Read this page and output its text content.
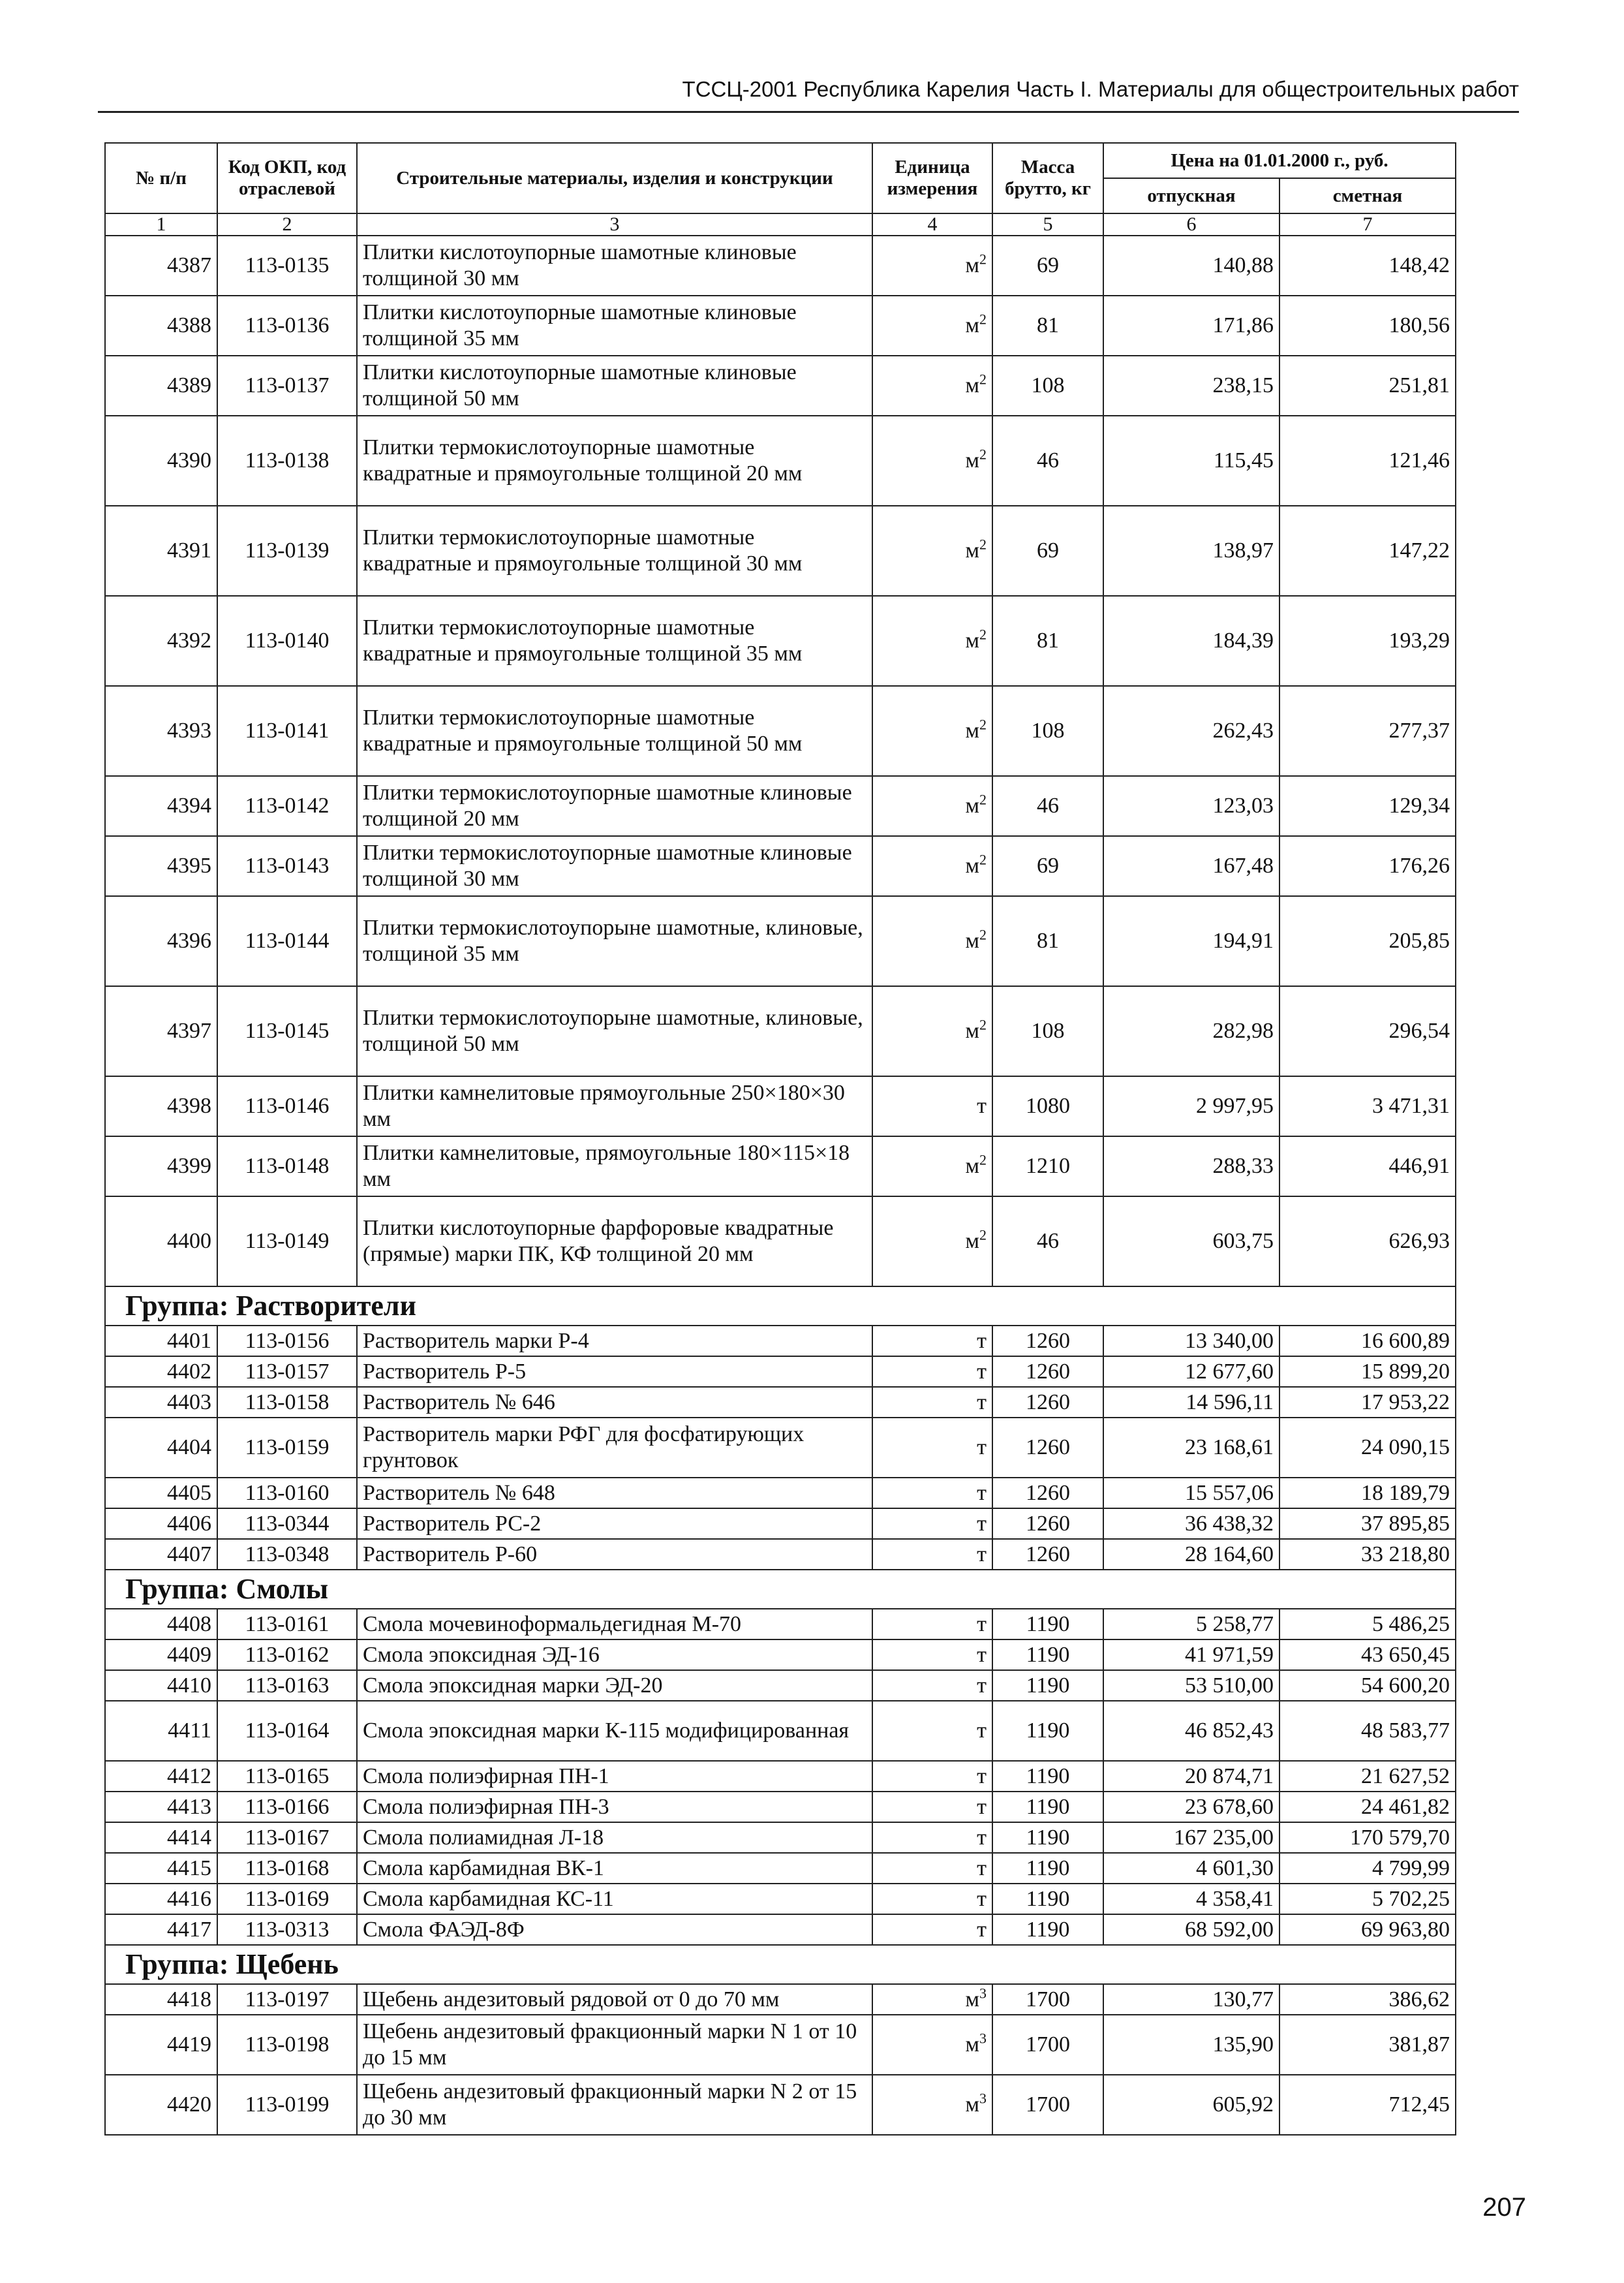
ТССЦ-2001 Республика Карелия Часть I. Материалы для общестроительных работ
№ п/п	Код ОКП, код отраслевой	Строительные материалы, изделия и конструкции	Единица измерения	Масса брутто, кг	Цена на 01.01.2000 г., руб.	
					отпускная	сметная
1	2	3	4	5	6	7
4387	113-0135	Плитки кислотоупорные шамотные клиновые толщиной 30 мм	$м^2$	69	140,88	148,42
4388	113-0136	Плитки кислотоупорные шамотные клиновые толщиной 35 мм	$м^2$	81	171,86	180,56
4389	113-0137	Плитки кислотоупорные шамотные клиновые толщиной 50 мм	$м^2$	108	238,15	251,81
4390	113-0138	Плитки термокислотоупорные шамотные квадратные и прямоугольные толщиной 20 мм	$м^2$	46	115,45	121,46
4391	113-0139	Плитки термокислотоупорные шамотные квадратные и прямоугольные толщиной 30 мм	$м^2$	69	138,97	147,22
4392	113-0140	Плитки термокислотоупорные шамотные квадратные и прямоугольные толщиной 35 мм	$м^2$	81	184,39	193,29
4393	113-0141	Плитки термокислотоупорные шамотные квадратные и прямоугольные толщиной 50 мм	$м^2$	108	262,43	277,37
4394	113-0142	Плитки термокислотоупорные шамотные клиновые толщиной 20 мм	$м^2$	46	123,03	129,34
4395	113-0143	Плитки термокислотоупорные шамотные клиновые толщиной 30 мм	$м^2$	69	167,48	176,26
4396	113-0144	Плитки термокислотоупорыне шамотные, клиновые, толщиной 35 мм	$м^2$	81	194,91	205,85
4397	113-0145	Плитки термокислотоупорыне шамотные, клиновые, толщиной 50 мм	$м^2$	108	282,98	296,54
4398	113-0146	Плитки камнелитовые прямоугольные 250×180×30 мм	т	1080	2 997,95	3 471,31
4399	113-0148	Плитки камнелитовые, прямоугольные 180×115×18 мм	$м^2$	1210	288,33	446,91
4400	113-0149	Плитки кислотоупорные фарфоровые квадратные (прямые) марки ПК, КФ толщиной 20 мм	$м^2$	46	603,75	626,93
Группа: Растворители						
4401	113-0156	Растворитель марки Р-4	т	1260	13 340,00	16 600,89
4402	113-0157	Растворитель Р-5	т	1260	12 677,60	15 899,20
4403	113-0158	Растворитель № 646	т	1260	14 596,11	17 953,22
4404	113-0159	Растворитель марки РФГ для фосфатирующих грунтовок	т	1260	23 168,61	24 090,15
4405	113-0160	Растворитель № 648	т	1260	15 557,06	18 189,79
4406	113-0344	Растворитель РС-2	т	1260	36 438,32	37 895,85
4407	113-0348	Растворитель Р-60	т	1260	28 164,60	33 218,80
Группа: Смолы						
4408	113-0161	Смола мочевиноформальдегидная М-70	т	1190	5 258,77	5 486,25
4409	113-0162	Смола эпоксидная ЭД-16	т	1190	41 971,59	43 650,45
4410	113-0163	Смола эпоксидная марки ЭД-20	т	1190	53 510,00	54 600,20
4411	113-0164	Смола эпоксидная марки К-115 модифицированная	т	1190	46 852,43	48 583,77
4412	113-0165	Смола полиэфирная ПН-1	т	1190	20 874,71	21 627,52
4413	113-0166	Смола полиэфирная ПН-3	т	1190	23 678,60	24 461,82
4414	113-0167	Смола полиамидная Л-18	т	1190	167 235,00	170 579,70
4415	113-0168	Смола карбамидная ВК-1	т	1190	4 601,30	4 799,99
4416	113-0169	Смола карбамидная КС-11	т	1190	4 358,41	5 702,25
4417	113-0313	Смола ФАЭД-8Ф	т	1190	68 592,00	69 963,80
Группа: Щебень						
4418	113-0197	Щебень андезитовый рядовой от 0 до 70 мм	$м^3$	1700	130,77	386,62
4419	113-0198	Щебень андезитовый фракционный марки N 1 от 10 до 15 мм	$м^3$	1700	135,90	381,87
4420	113-0199	Щебень андезитовый фракционный марки N 2 от 15 до 30 мм	$м^3$	1700	605,92	712,45
207
